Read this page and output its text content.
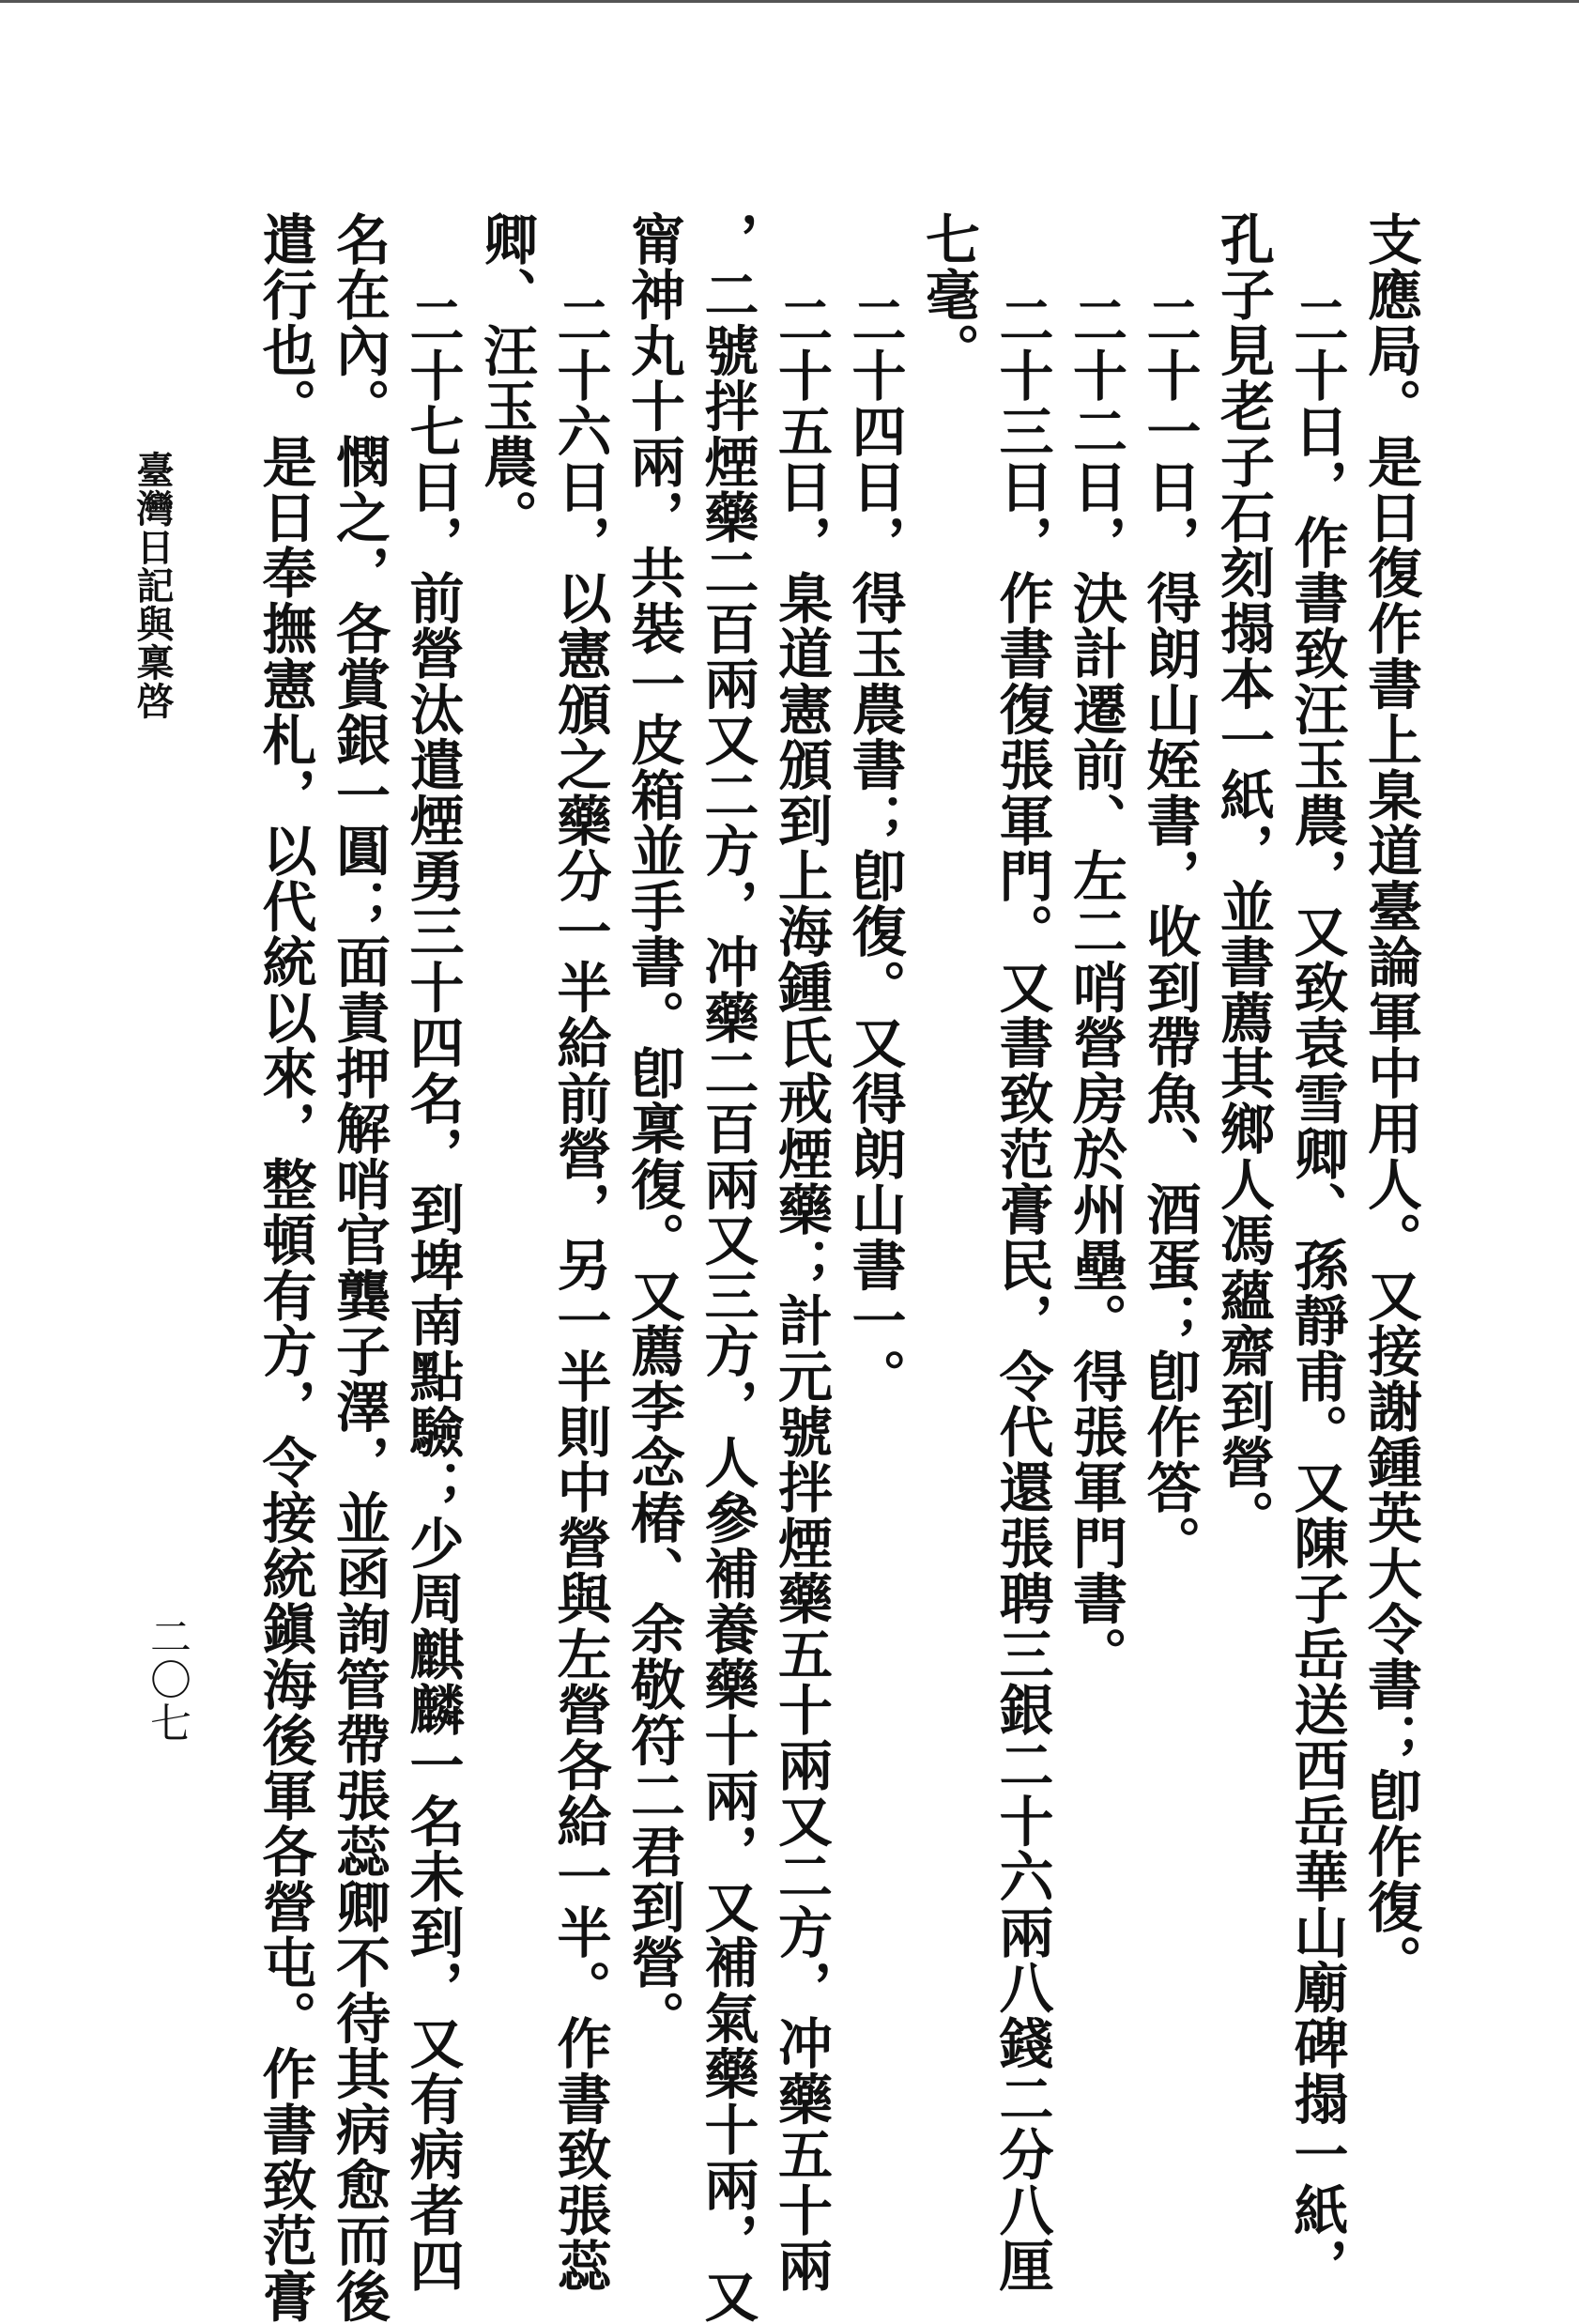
支應局。是日復作書上臬道臺論軍中用人。又接謝鍾英大令書；卽作復。

二十日，作書致汪玉農，又致袁雪卿、孫靜甫。又陳子岳送西岳華山廟碑搨一紙，

孔子見老子石刻搨本一紙，並書薦其鄉人馮蘊齋到營。

二十一日，得朗山姪書，收到帶魚、酒蛋；卽作答。

二十二日，決計遷前、左二哨營房於州壘。得張軍門書。

二十三日，作書復張軍門。又書致范膏民，令代還張聘三銀二十六兩八錢二分八厘

七毫。

二十四日，得玉農書；卽復。又得朗山書一。

二十五日，臬道憲頒到上海鍾氏戒煙藥；計元號拌煙藥五十兩又二方，冲藥五十兩

，二號拌煙藥二百兩又二方，冲藥二百兩又三方，人參補養藥十兩，又補氣藥十兩，又

甯神丸十兩，共裝一皮箱並手書。卽稟復。又薦李念椿、余敬符二君到營。

二十六日，以憲頒之藥分一半給前營，另一半則中營與左營各給一半。作書致張蕊

卿、汪玉農。

二十七日，前營汰遣煙勇三十四名，到埤南點驗；少周麒麟一名未到，又有病者四

名在內。憫之，各賞銀一圓；面責押解哨官龔子澤，並函詢管帶張蕊卿不待其病愈而後

遣行也。是日奉撫憲札，以代統以來，整頓有方，令接統鎭海後軍各營屯。作書致范膏

臺灣日記與稟啓
二〇七
